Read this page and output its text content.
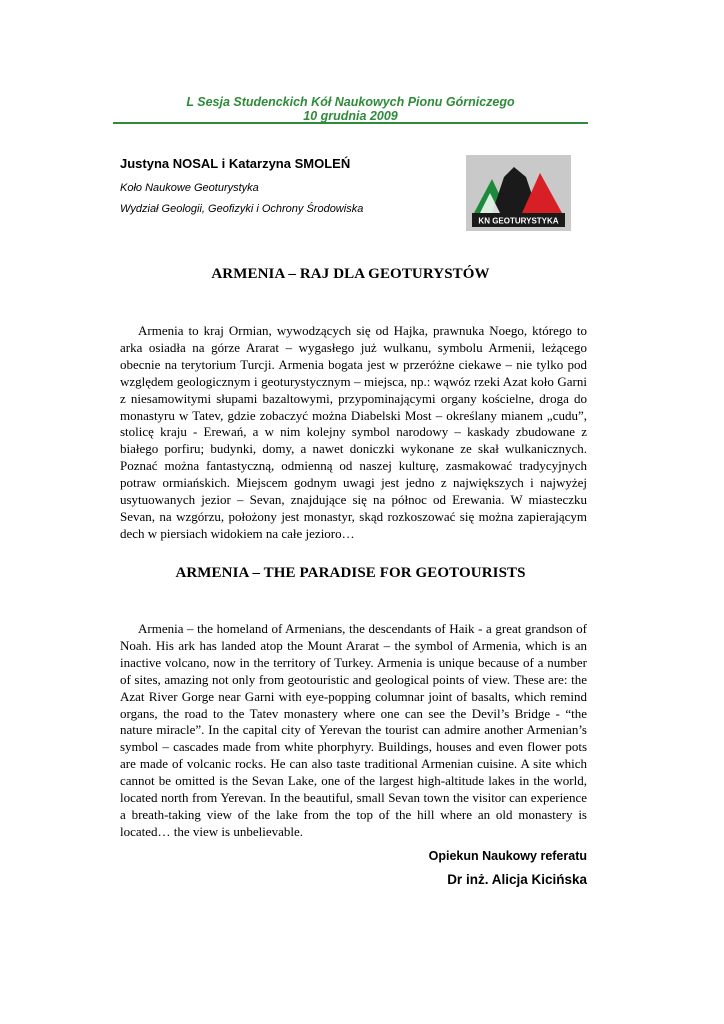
L Sesja Studenckich Kół Naukowych Pionu Górniczego
10 grudnia 2009
Justyna NOSAL i Katarzyna SMOLEŃ
Koło Naukowe Geoturystyka
Wydział Geologii, Geofizyki i Ochrony Środowiska
KN GEOTURYSTYKA
ARMENIA – RAJ DLA GEOTURYSTÓW

Armenia to kraj Ormian, wywodzących się od Hajka, prawnuka Noego, którego to arka osiadła na górze Ararat – wygasłego już wulkanu, symbolu Armenii, leżącego obecnie na terytorium Turcji. Armenia bogata jest w przeróżne ciekawe – nie tylko pod względem geologicznym i geoturystycznym – miejsca, np.: wąwóz rzeki Azat koło Garni z niesamowitymi słupami bazaltowymi, przypominającymi organy kościelne, droga do monastyru w Tatev, gdzie zobaczyć można Diabelski Most – określany mianem „cudu”, stolicę kraju - Erewań, a w nim kolejny symbol narodowy – kaskady zbudowane z białego porfiru; budynki, domy, a nawet doniczki wykonane ze skał wulkanicznych. Poznać można fantastyczną, odmienną od naszej kulturę, zasmakować tradycyjnych potraw ormiańskich. Miejscem godnym uwagi jest jedno z największych i najwyżej usytuowanych jezior – Sevan, znajdujące się na północ od Erewania. W miasteczku Sevan, na wzgórzu, położony jest monastyr, skąd rozkoszować się można zapierającym dech w piersiach widokiem na całe jezioro…

ARMENIA – THE PARADISE FOR GEOTOURISTS

Armenia – the homeland of Armenians, the descendants of Haik - a great grandson of Noah. His ark has landed atop the Mount Ararat – the symbol of Armenia, which is an inactive volcano, now in the territory of Turkey. Armenia is unique because of a number of sites, amazing not only from geotouristic and geological points of view. These are: the Azat River Gorge near Garni with eye-popping columnar joint of basalts, which remind organs, the road to the Tatev monastery where one can see the Devil’s Bridge - “the nature miracle”. In the capital city of Yerevan the tourist can admire another Armenian’s symbol – cascades made from white phorphyry. Buildings, houses and even flower pots are made of volcanic rocks. He can also taste traditional Armenian cuisine. A site which cannot be omitted is the Sevan Lake, one of the largest high-altitude lakes in the world, located north from Yerevan. In the beautiful, small Sevan town the visitor can experience a breath-taking view of the lake from the top of the hill where an old monastery is located… the view is unbelievable.

Opiekun Naukowy referatu
Dr inż. Alicja Kicińska
